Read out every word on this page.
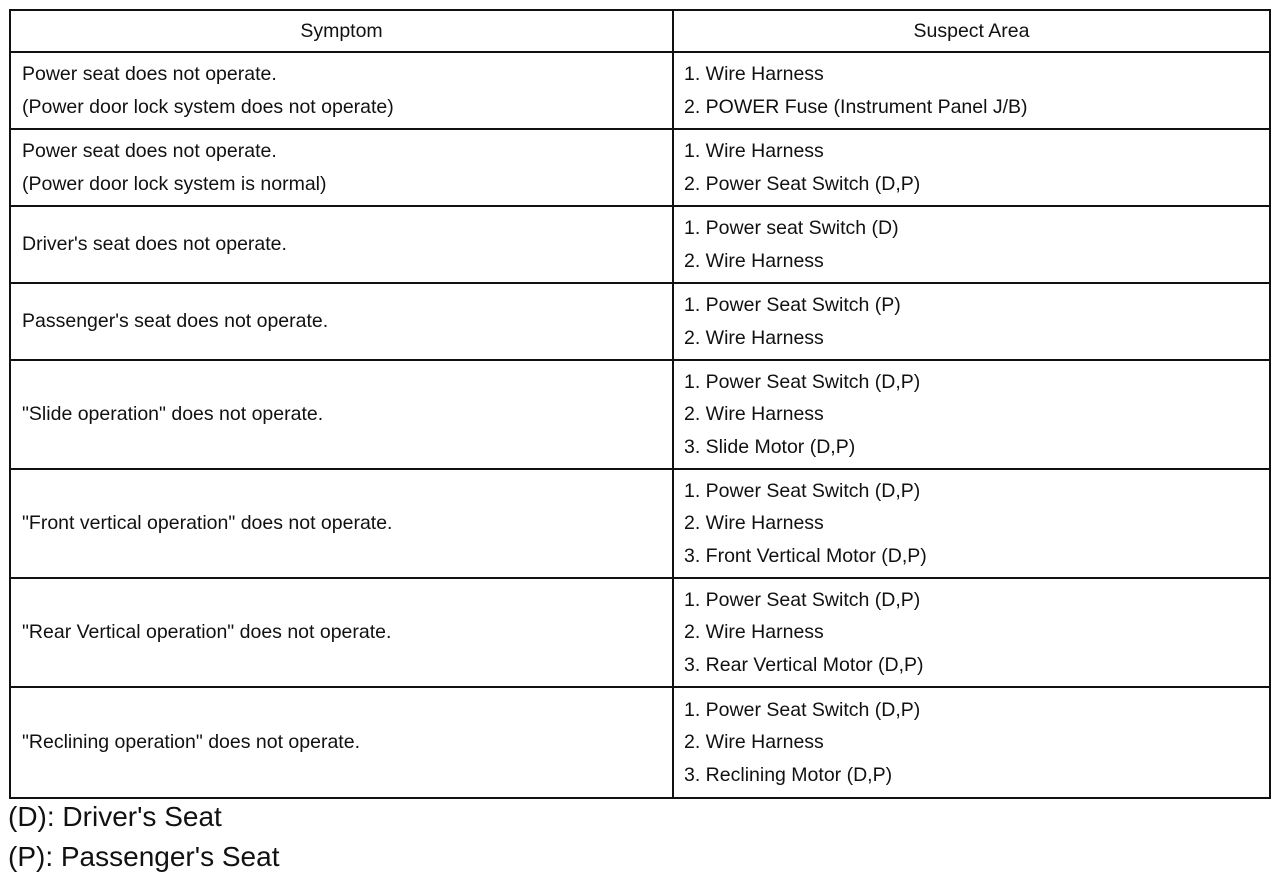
Symptom	Suspect Area
Power seat does not operate.
(Power door lock system does not operate)
1. Wire Harness
2. POWER Fuse (Instrument Panel J/B)
Power seat does not operate.
(Power door lock system is normal)
1. Wire Harness
2. Power Seat Switch (D,P)
Driver's seat does not operate.
1. Power seat Switch (D)
2. Wire Harness
Passenger's seat does not operate.
1. Power Seat Switch (P)
2. Wire Harness
"Slide operation" does not operate.
1. Power Seat Switch (D,P)
2. Wire Harness
3. Slide Motor (D,P)
"Front vertical operation" does not operate.
1. Power Seat Switch (D,P)
2. Wire Harness
3. Front Vertical Motor (D,P)
"Rear Vertical operation" does not operate.
1. Power Seat Switch (D,P)
2. Wire Harness
3. Rear Vertical Motor (D,P)
"Reclining operation" does not operate.
1. Power Seat Switch (D,P)
2. Wire Harness
3. Reclining Motor (D,P)
(D): Driver's Seat
(P): Passenger's Seat
